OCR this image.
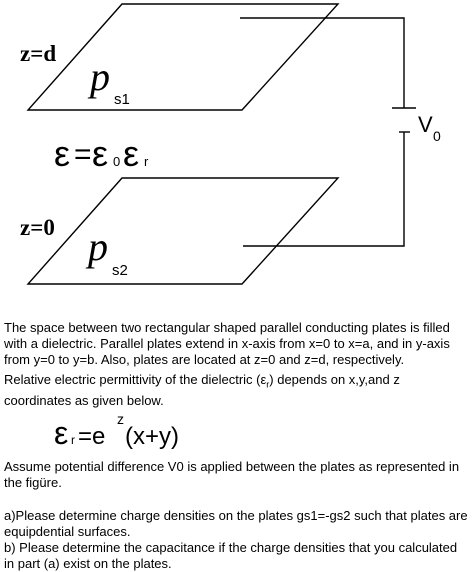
z=d
z=0
p
s1
p
s2
ε = ε 0 ε r
V 0
The space between two rectangular shaped parallel conducting plates is filled with a dielectric. Parallel plates extend in x-axis from x=0 to x=a, and in y-axis from y=0 to y=b. Also, plates are located at z=0 and z=d, respectively.
Relative electric permittivity of the dielectric $(\varepsilon_r)$ depends on x,y,and z coordinates as given below.
ε r =e
z
(x+y)
Assume potential difference V0 is applied between the plates as represented in the figüre.
a)Please determine charge densities on the plates gs1=-gs2 such that plates are equipdential surfaces.
b) Please determine the capacitance if the charge densities that you calculated in part (a) exist on the plates.
